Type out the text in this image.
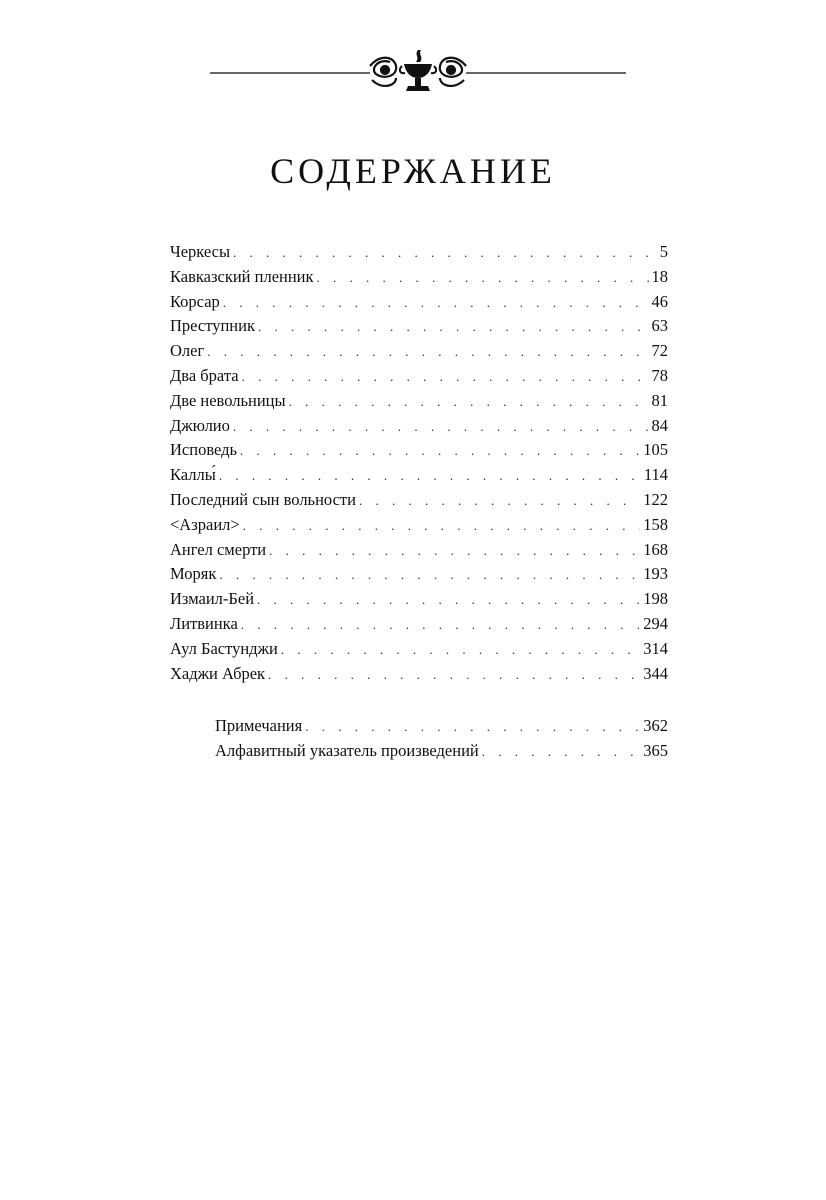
СОДЕРЖАНИЕ
Черкесы . . .	5
Кавказский пленник . . .	18
Корсар . . .	46
Преступник . . .	63
Олег . . .	72
Два брата . . .	78
Две невольницы . . .	81
Джюлио . . .	84
Исповедь . . .	105
Каллы́ . . .	114
Последний сын вольности . . .	122
<Азраил> . . .	158
Ангел смерти . . .	168
Моряк . . .	193
Измаил-Бей . . .	198
Литвинка . . .	294
Аул Бастунджи . . .	314
Хаджи Абрек . . .	344
Примечания . . .	362
Алфавитный указатель произведений . . .	365
